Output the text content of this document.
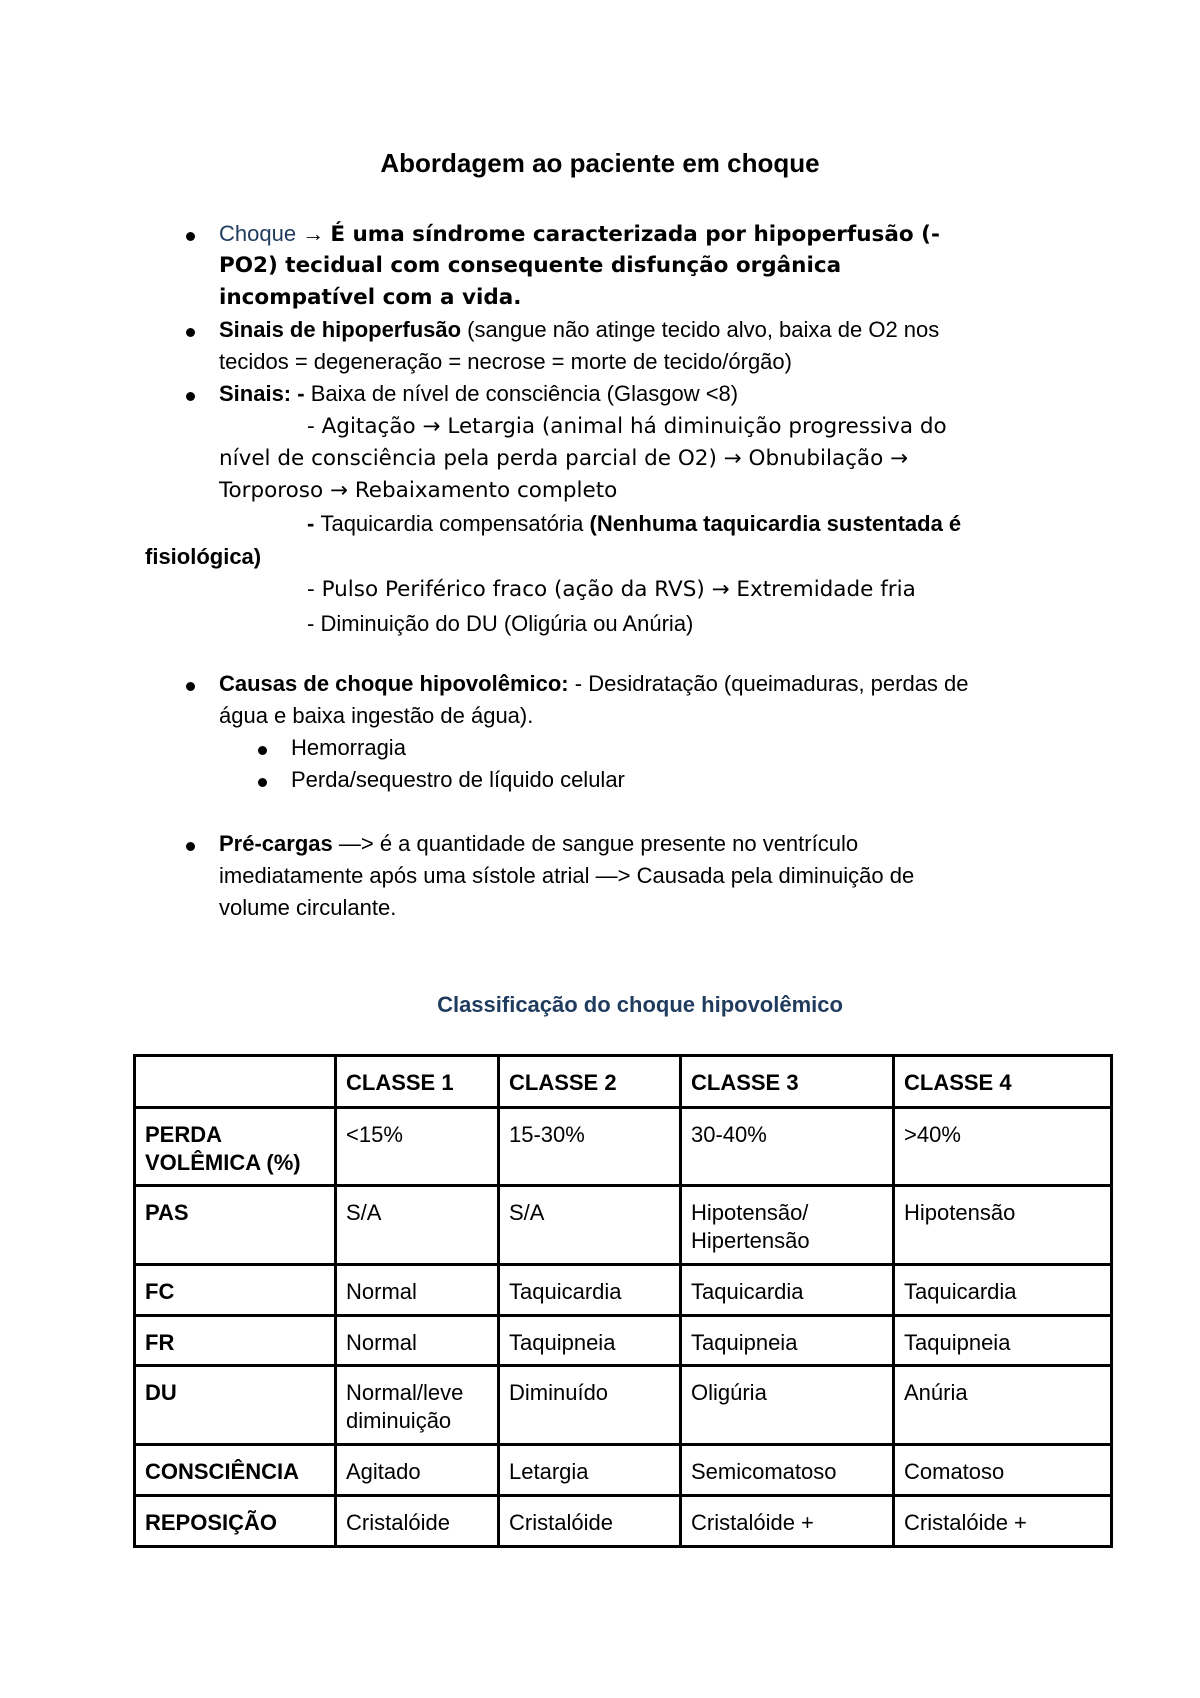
Abordagem ao paciente em choque
Choque → É uma síndrome caracterizada por hipoperfusão (-
PO2) tecidual com consequente disfunção orgânica
incompatível com a vida.
Sinais de hipoperfusão (sangue não atinge tecido alvo, baixa de O2 nos
tecidos = degeneração = necrose = morte de tecido/órgão)
Sinais: - Baixa de nível de consciência (Glasgow <8)
- Agitação → Letargia (animal há diminuição progressiva do
nível de consciência pela perda parcial de O2) → Obnubilação →
Torporoso → Rebaixamento completo
- Taquicardia compensatória (Nenhuma taquicardia sustentada é
fisiológica)
- Pulso Periférico fraco (ação da RVS) → Extremidade fria
- Diminuição do DU (Oligúria ou Anúria)
Causas de choque hipovolêmico: - Desidratação (queimaduras, perdas de
água e baixa ingestão de água).
Hemorragia
Perda/sequestro de líquido celular
Pré-cargas —> é a quantidade de sangue presente no ventrículo
imediatamente após uma sístole atrial —> Causada pela diminuição de
volume circulante.
Classificação do choque hipovolêmico
	CLASSE 1	CLASSE 2	CLASSE 3	CLASSE 4
PERDA VOLÊMICA (%)	<15%	15-30%	30-40%	>40%
PAS	S/A	S/A	Hipotensão/ Hipertensão	Hipotensão
FC	Normal	Taquicardia	Taquicardia	Taquicardia
FR	Normal	Taquipneia	Taquipneia	Taquipneia
DU	Normal/leve diminuição	Diminuído	Oligúria	Anúria
CONSCIÊNCIA	Agitado	Letargia	Semicomatoso	Comatoso
REPOSIÇÃO	Cristalóide	Cristalóide	Cristalóide +	Cristalóide +
